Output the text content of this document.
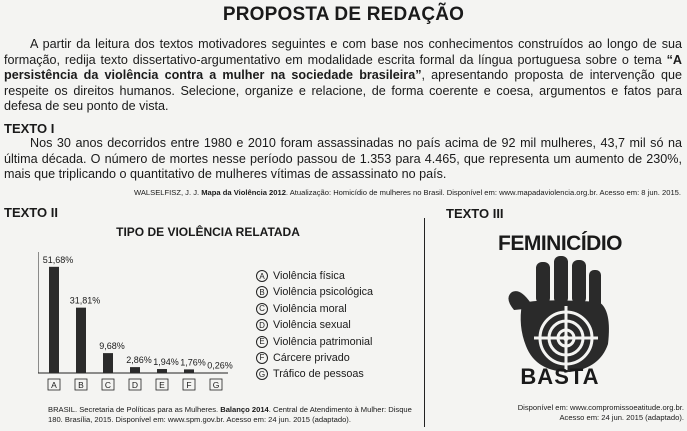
PROPOSTA DE REDAÇÃO

A partir da leitura dos textos motivadores seguintes e com base nos conhecimentos construídos ao longo de sua formação, redija texto dissertativo-argumentativo em modalidade escrita formal da língua portuguesa sobre o tema “A persistência da violência contra a mulher na sociedade brasileira”, apresentando proposta de intervenção que respeite os direitos humanos. Selecione, organize e relacione, de forma coerente e coesa, argumentos e fatos para defesa de seu ponto de vista.

TEXTO I

Nos 30 anos decorridos entre 1980 e 2010 foram assassinadas no país acima de 92 mil mulheres, 43,7 mil só na última década. O número de mortes nesse período passou de 1.353 para 4.465, que representa um aumento de 230%, mais que triplicando o quantitativo de mulheres vítimas de assassinato no país.

WALSELFISZ, J. J. Mapa da Violência 2012. Atualização: Homicídio de mulheres no Brasil. Disponível em: www.mapadaviolencia.org.br. Acesso em: 8 jun. 2015.
TEXTO II	TEXTO III
TIPO DE VIOLÊNCIA RELATADA
51,68%
A
31,81%
B
9,68%
C
2,86%
D
1,94%
E
1,76%
F
0,26%
G
A Violência física
B Violência psicológica
C Violência moral
D Violência sexual
E Violência patrimonial
F Cárcere privado
G Tráfico de pessoas
BRASIL. Secretaria de Políticas para as Mulheres. Balanço 2014. Central de Atendimento à Mulher: Disque 180. Brasília, 2015. Disponível em: www.spm.gov.br. Acesso em: 24 jun. 2015 (adaptado).
FEMINICÍDIO
BASTA
Disponível em: www.compromissoeatitude.org.br. Acesso em: 24 jun. 2015 (adaptado).
